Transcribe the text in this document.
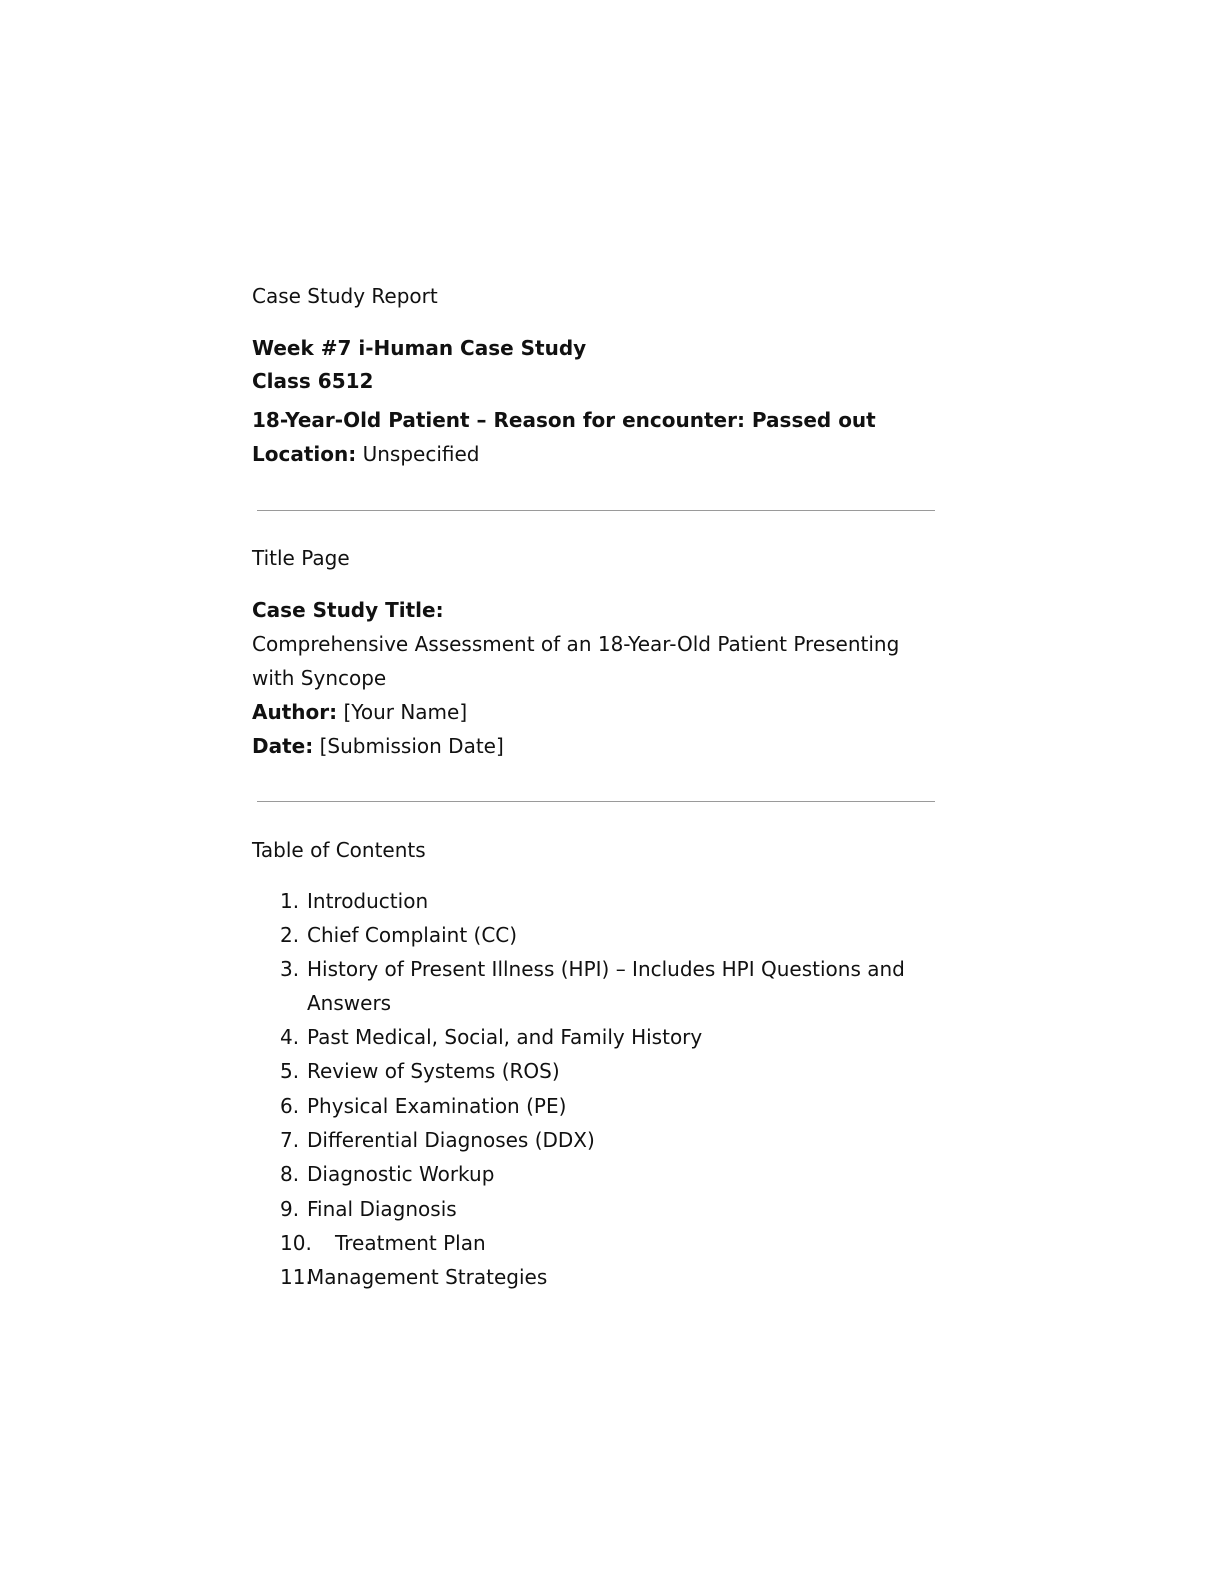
Case Study Report
Week #7 i-Human Case Study
Class 6512
18-Year-Old Patient – Reason for encounter: Passed out
Location: Unspecified
Title Page
Case Study Title:
Comprehensive Assessment of an 18-Year-Old Patient Presenting
with Syncope
Author: [Your Name]
Date: [Submission Date]
Table of Contents
1. Introduction
2. Chief Complaint (CC)
3. History of Present Illness (HPI) – Includes HPI Questions and
Answers
4. Past Medical, Social, and Family History
5. Review of Systems (ROS)
6. Physical Examination (PE)
7. Differential Diagnoses (DDX)
8. Diagnostic Workup
9. Final Diagnosis
10. Treatment Plan
11.
Management Strategies
